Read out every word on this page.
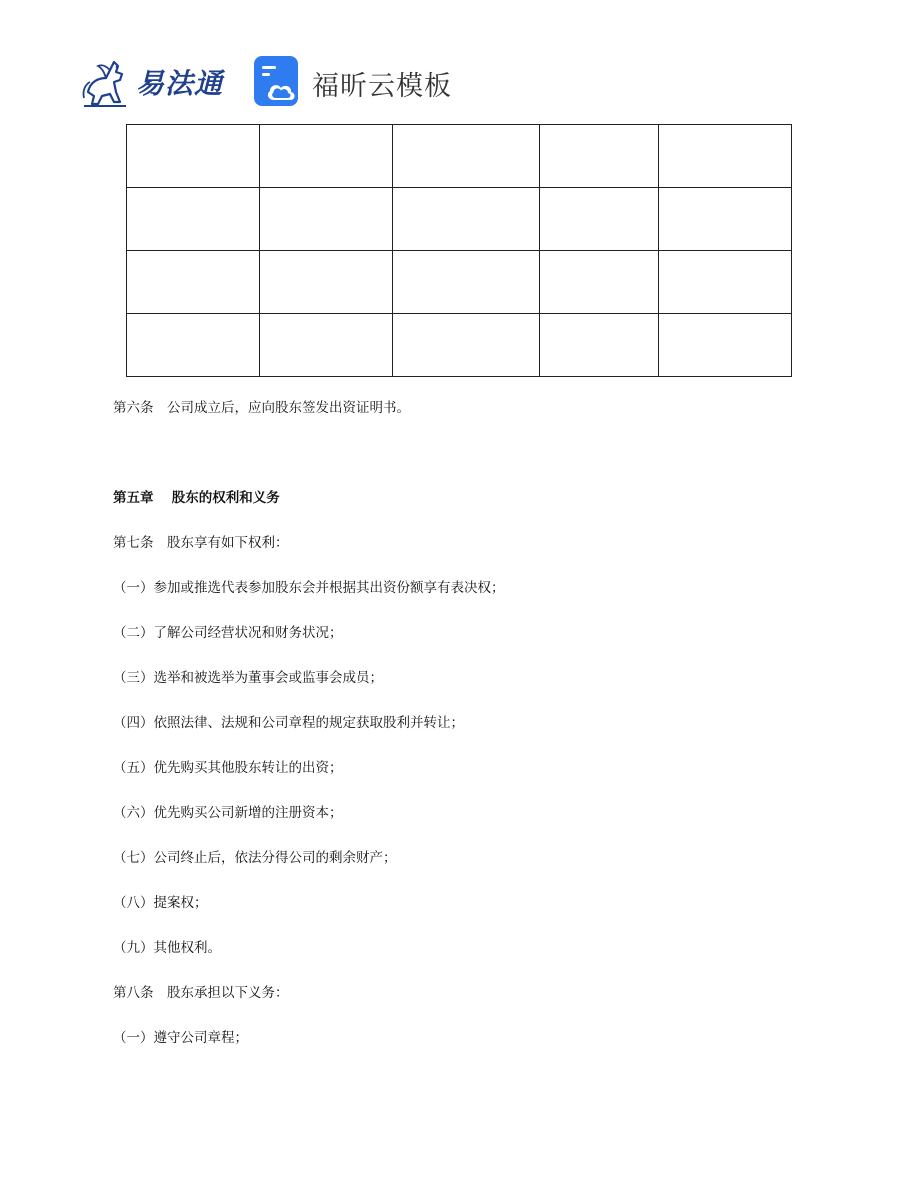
易法通	福昕云模板

第六条　公司成立后，应向股东签发出资证明书。
第五章　 股东的权利和义务
第七条　股东享有如下权利：
（一）参加或推选代表参加股东会并根据其出资份额享有表决权；
（二）了解公司经营状况和财务状况；
（三）选举和被选举为董事会或监事会成员；
（四）依照法律、法规和公司章程的规定获取股利并转让；
（五）优先购买其他股东转让的出资；
（六）优先购买公司新增的注册资本；
（七）公司终止后，依法分得公司的剩余财产；
（八）提案权；
（九）其他权利。
第八条　股东承担以下义务：
（一）遵守公司章程；
